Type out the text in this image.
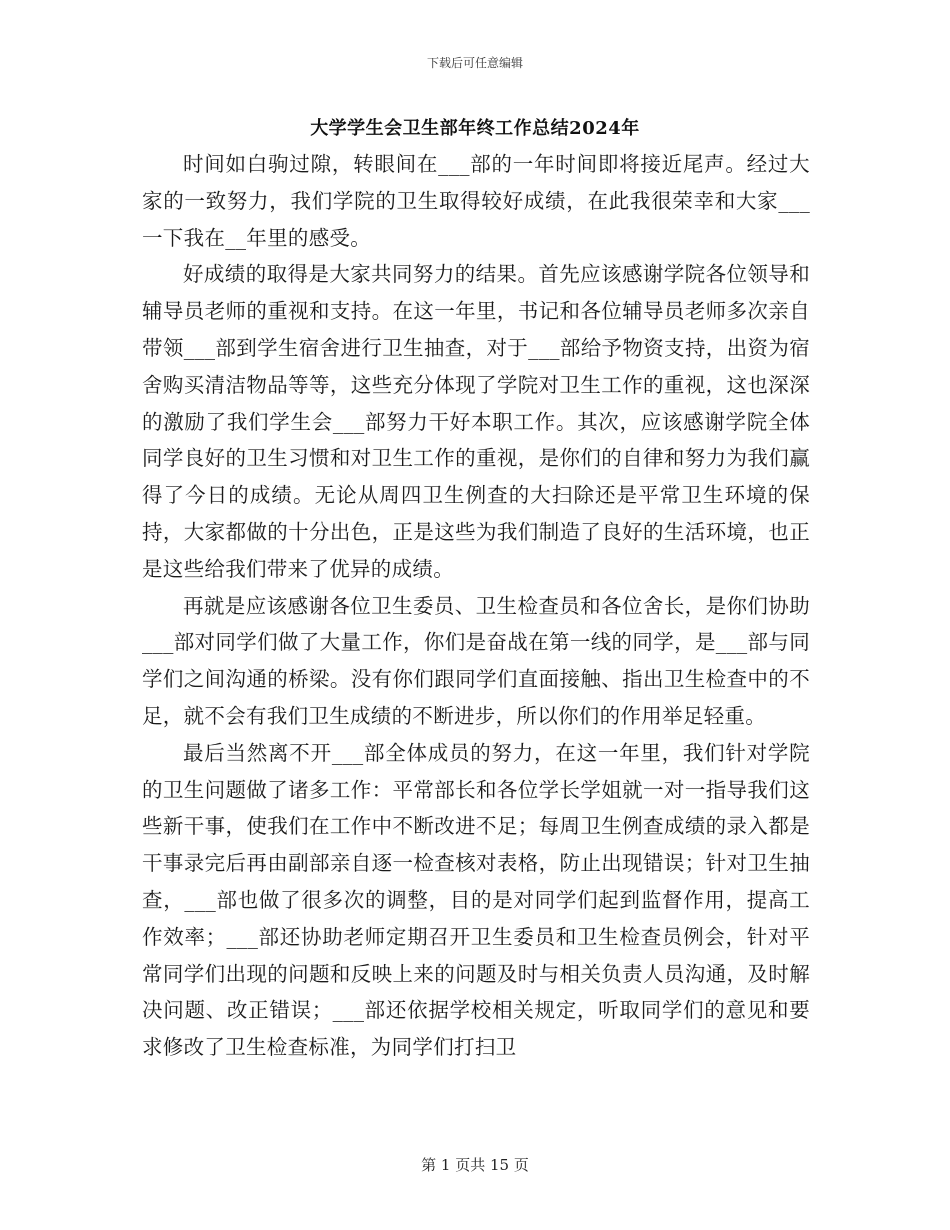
下载后可任意编辑
大学学生会卫生部年终工作总结2024年

时间如白驹过隙，转眼间在___部的一年时间即将接近尾声。经过大家的一致努力，我们学院的卫生取得较好成绩，在此我很荣幸和大家___一下我在__年里的感受。

好成绩的取得是大家共同努力的结果。首先应该感谢学院各位领导和辅导员老师的重视和支持。在这一年里，书记和各位辅导员老师多次亲自带领___部到学生宿舍进行卫生抽查，对于___部给予物资支持，出资为宿舍购买清洁物品等等，这些充分体现了学院对卫生工作的重视，这也深深的激励了我们学生会___部努力干好本职工作。其次，应该感谢学院全体同学良好的卫生习惯和对卫生工作的重视，是你们的自律和努力为我们赢得了今日的成绩。无论从周四卫生例查的大扫除还是平常卫生环境的保持，大家都做的十分出色，正是这些为我们制造了良好的生活环境，也正是这些给我们带来了优异的成绩。

再就是应该感谢各位卫生委员、卫生检查员和各位舍长，是你们协助___部对同学们做了大量工作，你们是奋战在第一线的同学，是___部与同学们之间沟通的桥梁。没有你们跟同学们直面接触、指出卫生检查中的不足，就不会有我们卫生成绩的不断进步，所以你们的作用举足轻重。

最后当然离不开___部全体成员的努力，在这一年里，我们针对学院的卫生问题做了诸多工作：平常部长和各位学长学姐就一对一指导我们这些新干事，使我们在工作中不断改进不足；每周卫生例查成绩的录入都是干事录完后再由副部亲自逐一检查核对表格，防止出现错误；针对卫生抽查，___部也做了很多次的调整，目的是对同学们起到监督作用，提高工作效率；___部还协助老师定期召开卫生委员和卫生检查员例会，针对平常同学们出现的问题和反映上来的问题及时与相关负责人员沟通，及时解决问题、改正错误；___部还依据学校相关规定，听取同学们的意见和要求修改了卫生检查标准，为同学们打扫卫

第 1 页共 15 页
